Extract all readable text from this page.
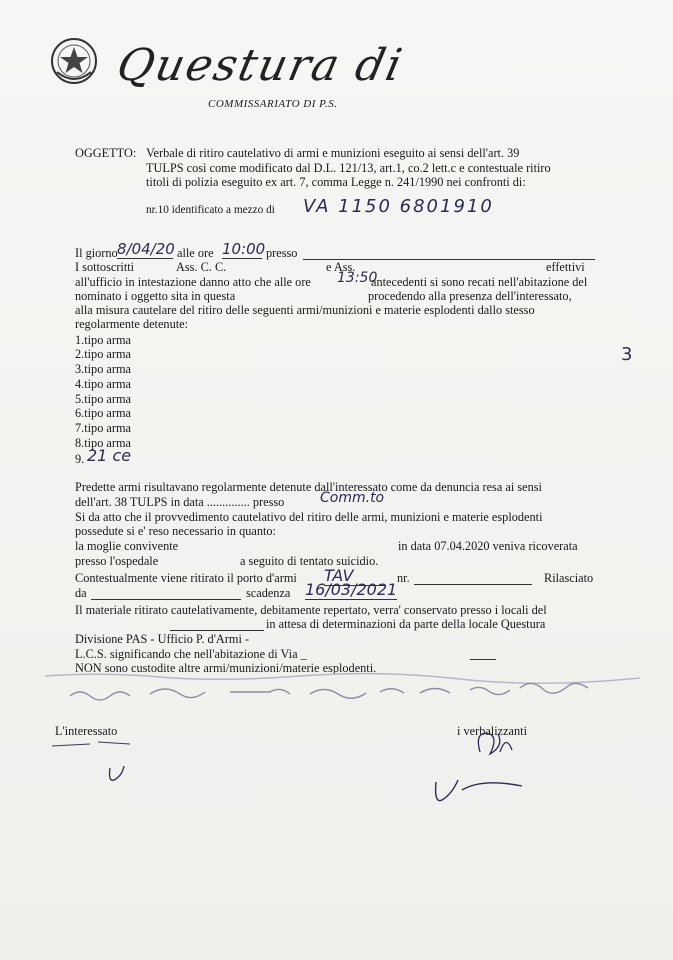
Questura di
COMMISSARIATO DI P.S.
OGGETTO: Verbale di ritiro cautelativo di armi e munizioni eseguito ai sensi dell'art. 39
TULPS così come modificato dal D.L. 121/13, art.1, co.2 lett.c e contestuale ritiro
titoli di polizia eseguito ex art. 7, comma Legge n. 241/1990 nei confronti di:
nr.10 identificato a mezzo di VA 1150 6801910
Il giorno 8/04/20 alle ore 10:00 presso
I sottoscritti	Ass. C. C.	e Ass.	effettivi
all'ufficio in intestazione danno atto che alle ore 13:50
antecedenti si sono recati nell'abitazione del
nominato i oggetto sita in questa	procedendo alla presenza dell'interessato,
alla misura cautelare del ritiro delle seguenti armi/munizioni e materie esplodenti dallo stesso
regolarmente detenute:
1.tipo arma
2.tipo arma
3.tipo arma
4.tipo arma
5.tipo arma
6.tipo arma
7.tipo arma
8.tipo arma
9. 21 ce
3
Predette armi risultavano regolarmente detenute dall'interessato come da denuncia resa ai sensi
dell'art. 38 TULPS in data .............. presso	Comm.to
Si da atto che il provvedimento cautelativo del ritiro delle armi, munizioni e materie esplodenti
possedute si e' reso necessario in quanto:
la moglie convivente	in data 07.04.2020 veniva ricoverata
presso l'ospedale	a seguito di tentato suicidio.
Contestualmente viene ritirato il porto d'armi TAV	nr.	Rilasciato
da	scadenza 16/03/2021
Il materiale ritirato cautelativamente, debitamente repertato, verra' conservato presso i locali del
in attesa di determinazioni da parte della locale Questura
Divisione PAS - Ufficio P. d'Armi -
L.C.S. significando che nell'abitazione di Via _
NON sono custodite altre armi/munizioni/materie esplodenti.
L'interessato	i verbalizzanti
